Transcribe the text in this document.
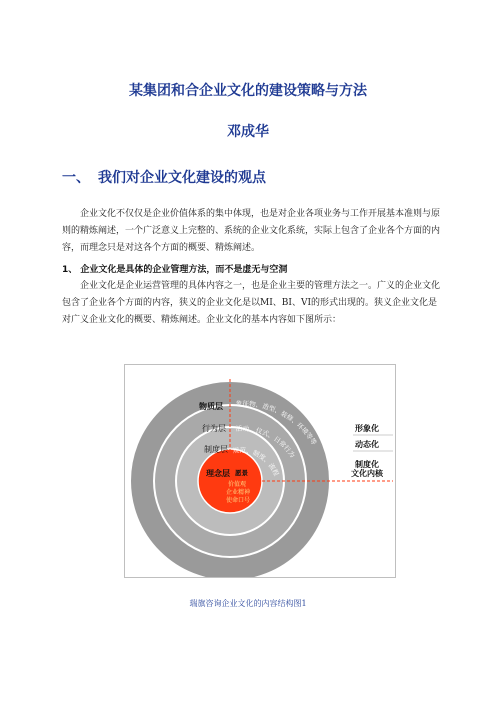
某集团和合企业文化的建设策略与方法
邓成华
一、 我们对企业文化建设的观点
企业文化不仅仅是企业价值体系的集中体现，也是对企业各项业务与工作开展基本准则与原则的精炼阐述，一个广泛意义上完整的、系统的企业文化系统，实际上包含了企业各个方面的内容，而理念只是对这各个方面的概要、精炼阐述。
1、 企业文化是具体的企业管理方法，而不是虚无与空洞
企业文化是企业运营管理的具体内容之一，也是企业主要的管理方法之一。广义的企业文化包含了企业各个方面的内容，狭义的企业文化是以MI、BI、VI的形式出现的。狭义企业文化是对广义企业文化的概要、精炼阐述。企业文化的基本内容如下图所示：
物质层
行为层
制度层
理念层
象征物、造型、装修、环境等等
活动、仪式、日常行为
规范、制度、流程
愿景
价值观
企业精神
使命口号
形象化
动态化
制度化
文化内核
瑞旗咨询企业文化的内容结构图1
